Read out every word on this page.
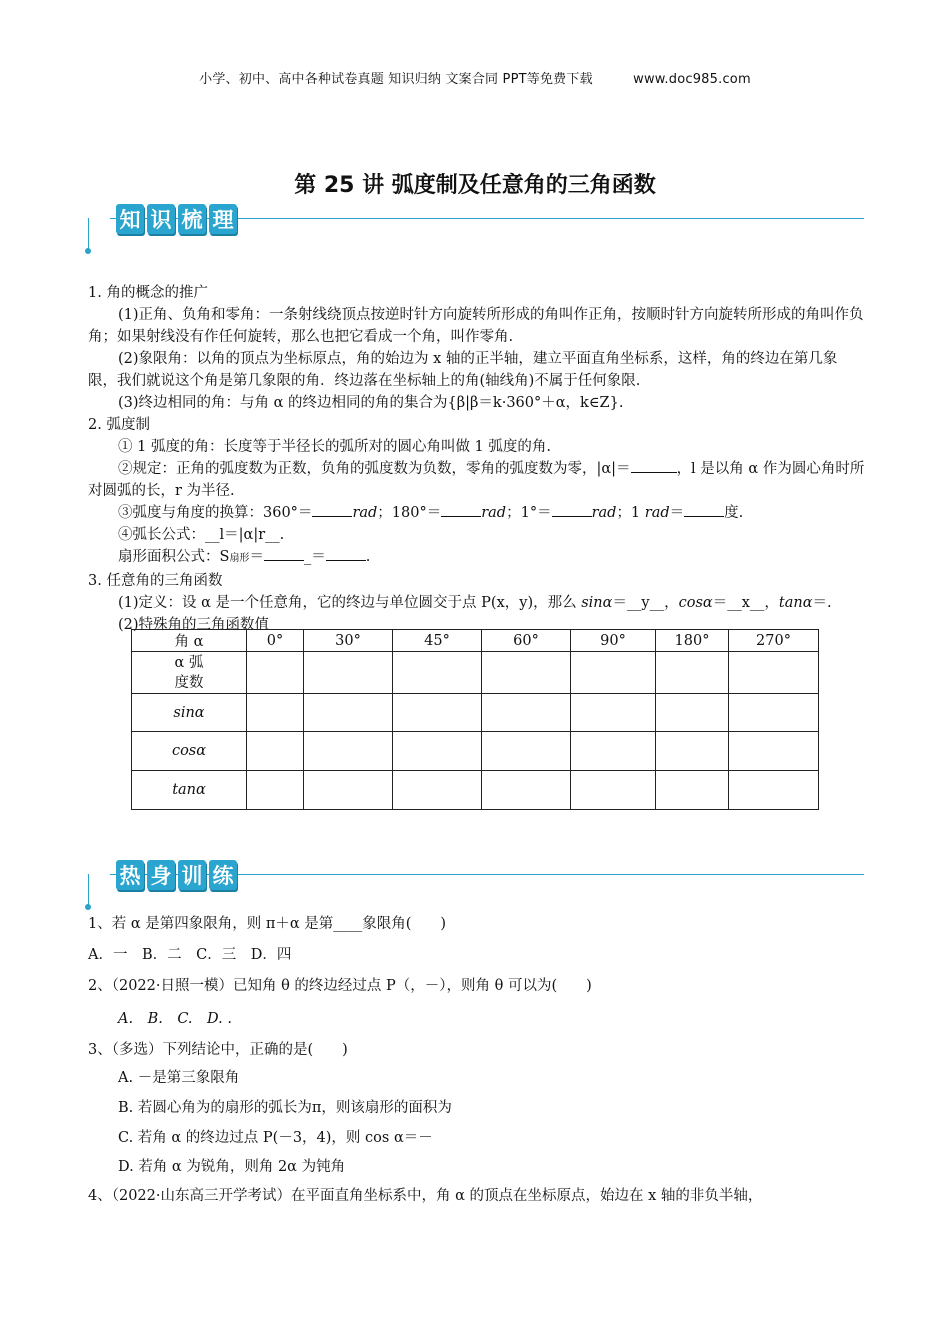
小学、初中、高中各种试卷真题 知识归纳 文案合同 PPT等免费下载	www.doc985.com
第 25 讲 弧度制及任意角的三角函数
知 识 梳 理

1. 角的概念的推广

(1)正角、负角和零角：一条射线绕顶点按逆时针方向旋转所形成的角叫作正角，按顺时针方向旋转所形成的角叫作负角；如果射线没有作任何旋转，那么也把它看成一个角，叫作零角.

(2)象限角：以角的顶点为坐标原点，角的始边为 x 轴的正半轴，建立平面直角坐标系，这样，角的终边在第几象限，我们就说这个角是第几象限的角．终边落在坐标轴上的角(轴线角)不属于任何象限.

(3)终边相同的角：与角 α 的终边相同的角的集合为{β|β＝k·360°＋α，k∈Z}.

2. 弧度制

① 1 弧度的角：长度等于半径长的弧所对的圆心角叫做 1 弧度的角.

②规定：正角的弧度数为正数，负角的弧度数为负数，零角的弧度数为零，|α|＝	，l 是以角 α 作为圆心角时所对圆弧的长，r 为半径.

③弧度与角度的换算：360°＝	rad；180°＝	rad；1°＝	rad；1 rad＝	度.

④弧长公式：__l＝|α|r__.

扇形面积公式：S扇形＝	_＝	.

3. 任意角的三角函数

(1)定义：设 α 是一个任意角，它的终边与单位圆交于点 P(x，y)，那么 sinα＝__y__，cosα＝__x__，tanα＝.

(2)特殊角的三角函数值

角 α	0°	30°	45°	60°	90°	180°	270°
α 弧
度数							
sinα							
cosα							
tanα							
热 身 训 练
1、若 α 是第四象限角，则 π＋α 是第____象限角(　　)
A．一　B．二　C．三　D．四
2、（2022·日照一模）已知角 θ 的终边经过点 P（，－），则角 θ 可以为(　　)
A.　B.　C.　D. .
3、（多选）下列结论中，正确的是(　　)
A. －是第三象限角
B. 若圆心角为的扇形的弧长为π，则该扇形的面积为
C. 若角 α 的终边过点 P(－3，4)，则 cos α＝－
D. 若角 α 为锐角，则角 2α 为钝角
4、（2022·山东高三开学考试）在平面直角坐标系中，角 α 的顶点在坐标原点，始边在 x 轴的非负半轴，
